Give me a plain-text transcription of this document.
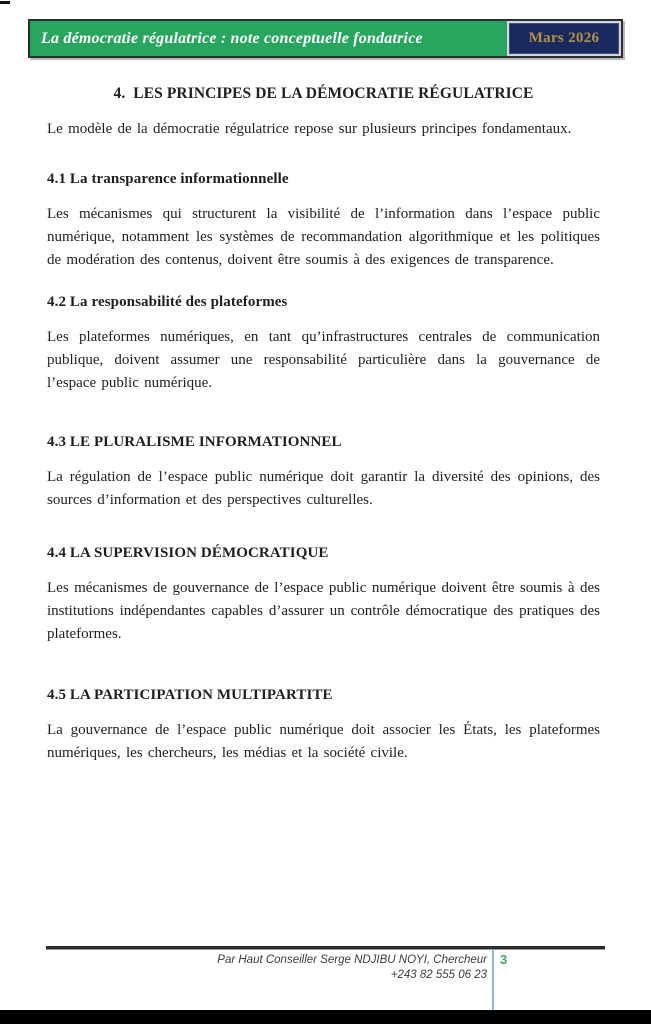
La démocratie régulatrice : note conceptuelle fondatrice	Mars 2026
4.  LES PRINCIPES DE LA DÉMOCRATIE RÉGULATRICE

Le modèle de la démocratie régulatrice repose sur plusieurs principes fondamentaux.

4.1 La transparence informationnelle

Les mécanismes qui structurent la visibilité de l’information dans l’espace public numérique, notamment les systèmes de recommandation algorithmique et les politiques de modération des contenus, doivent être soumis à des exigences de transparence.

4.2 La responsabilité des plateformes

Les plateformes numériques, en tant qu’infrastructures centrales de communication publique, doivent assumer une responsabilité particulière dans la gouvernance de l’espace public numérique.

4.3 LE PLURALISME INFORMATIONNEL

La régulation de l’espace public numérique doit garantir la diversité des opinions, des sources d’information et des perspectives culturelles.

4.4 LA SUPERVISION DÉMOCRATIQUE

Les mécanismes de gouvernance de l’espace public numérique doivent être soumis à des institutions indépendantes capables d’assurer un contrôle démocratique des pratiques des plateformes.

4.5 LA PARTICIPATION MULTIPARTITE

La gouvernance de l’espace public numérique doit associer les États, les plateformes numériques, les chercheurs, les médias et la société civile.

Par Haut Conseiller Serge NDJIBU NOYI, Chercheur
+243 82 555 06 23
3
